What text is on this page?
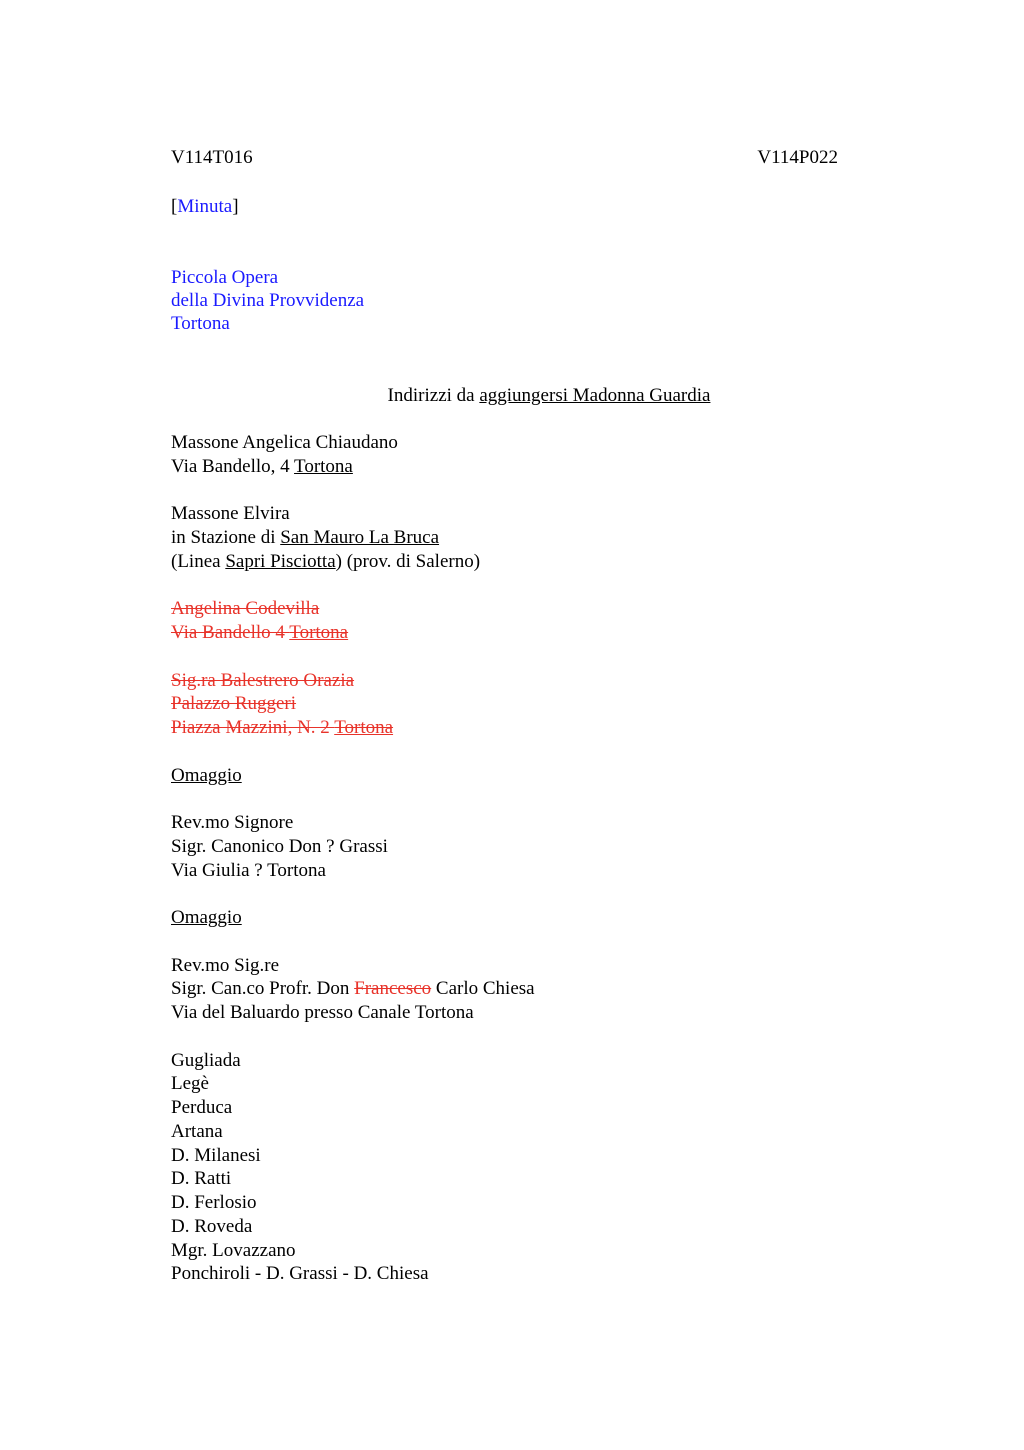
V114T016	V114P022
[Minuta]
Piccola Opera
della Divina Provvidenza
Tortona
Indirizzi da aggiungersi Madonna Guardia
Massone Angelica Chiaudano
Via Bandello, 4 Tortona
Massone Elvira
in Stazione di San Mauro La Bruca
(Linea Sapri Pisciotta) (prov. di Salerno)
Angelina Codevilla
Via Bandello 4 Tortona
Sig.ra Balestrero Orazia
Palazzo Ruggeri
Piazza Mazzini, N. 2 Tortona
Omaggio
Rev.mo Signore
Sigr. Canonico Don ? Grassi
Via Giulia ? Tortona
Omaggio
Rev.mo Sig.re
Sigr. Can.co Profr. Don Francesco Carlo Chiesa
Via del Baluardo presso Canale Tortona
Gugliada
Legè
Perduca
Artana
D. Milanesi
D. Ratti
D. Ferlosio
D. Roveda
Mgr. Lovazzano
Ponchiroli - D. Grassi - D. Chiesa
